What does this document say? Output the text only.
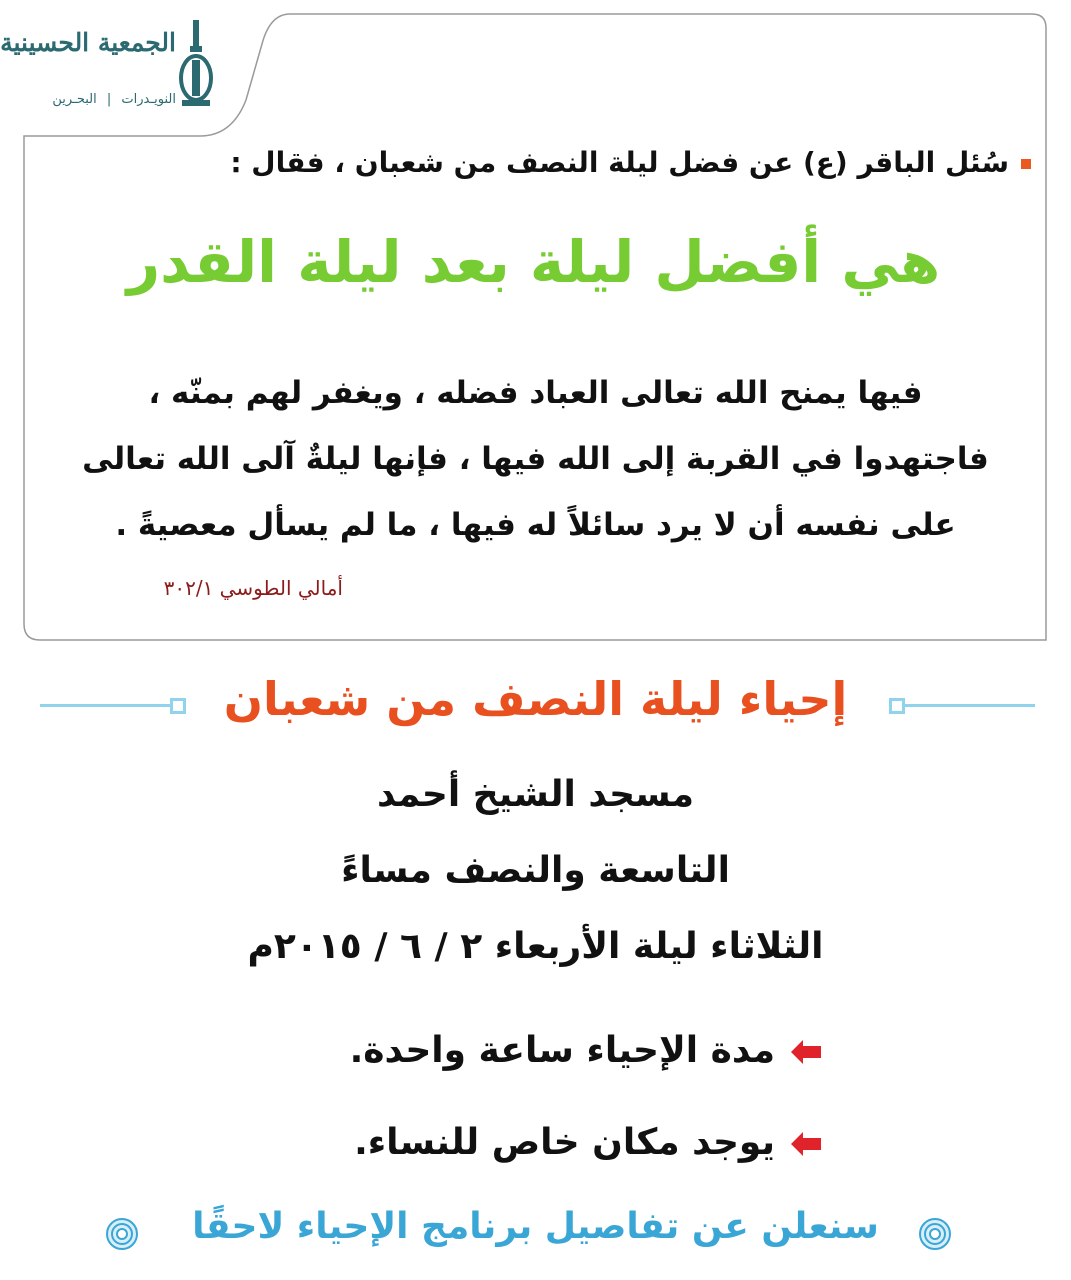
الجمعية الحسينية
النويـدرات | البحـرين
سُئل الباقر (ع) عن فضل ليلة النصف من شعبان ، فقال :
هي أفضل ليلة بعد ليلة القدر
فيها يمنح الله تعالى العباد فضله ، ويغفر لهم بمنّه ،
فاجتهدوا في القربة إلى الله فيها ، فإنها ليلةٌ آلى الله تعالى
على نفسه أن لا يرد سائلاً له فيها ، ما لم يسأل معصيةً .
أمالي الطوسي ٣٠٢/١
إحياء ليلة النصف من شعبان
مسجد الشيخ أحمد
التاسعة والنصف مساءً
الثلاثاء ليلة الأربعاء ٢ / ٦ / ٢٠١٥م
مدة الإحياء ساعة واحدة.
يوجد مكان خاص للنساء.
سنعلن عن تفاصيل برنامج الإحياء لاحقًا
